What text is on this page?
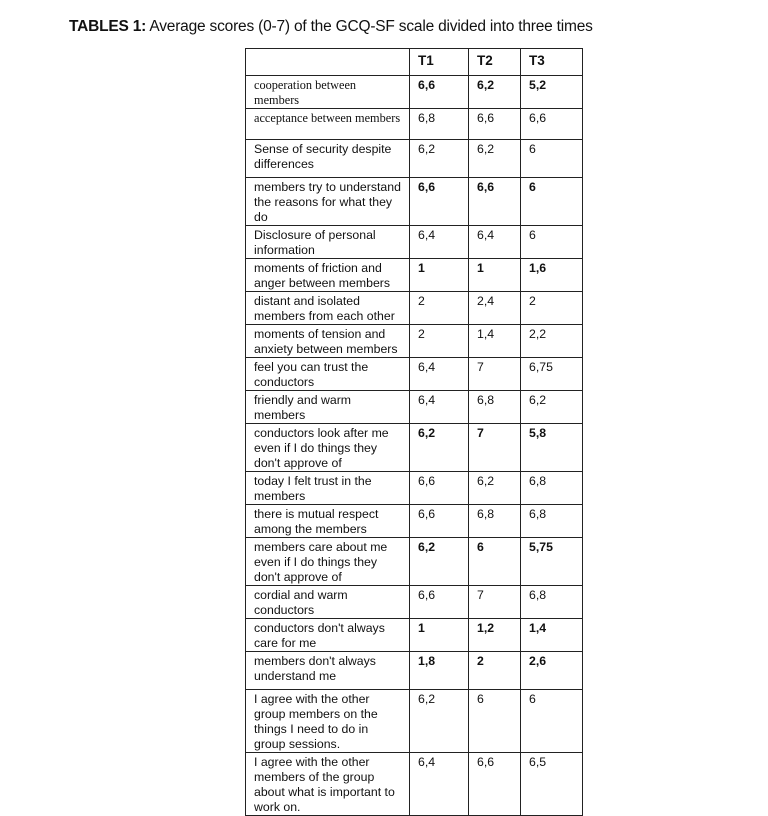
TABLES 1: Average scores (0-7) of the GCQ-SF scale divided into three times
	T1	T2	T3
cooperation between members	6,6	6,2	5,2
acceptance between members	6,8	6,6	6,6
Sense of security despite differences	6,2	6,2	6
members try to understand the reasons for what they do	6,6	6,6	6
Disclosure of personal information	6,4	6,4	6
moments of friction and anger between members	1	1	1,6
distant and isolated members from each other	2	2,4	2
moments of tension and anxiety between members	2	1,4	2,2
feel you can trust the conductors	6,4	7	6,75
friendly and warm members	6,4	6,8	6,2
conductors look after me even if I do things they don't approve of	6,2	7	5,8
today I felt trust in the members	6,6	6,2	6,8
there is mutual respect among the members	6,6	6,8	6,8
members care about me even if I do things they don't approve of	6,2	6	5,75
cordial and warm conductors	6,6	7	6,8
conductors don't always care for me	1	1,2	1,4
members don't always understand me	1,8	2	2,6
I agree with the other group members on the things I need to do in group sessions.	6,2	6	6
I agree with the other members of the group about what is important to work on.	6,4	6,6	6,5
